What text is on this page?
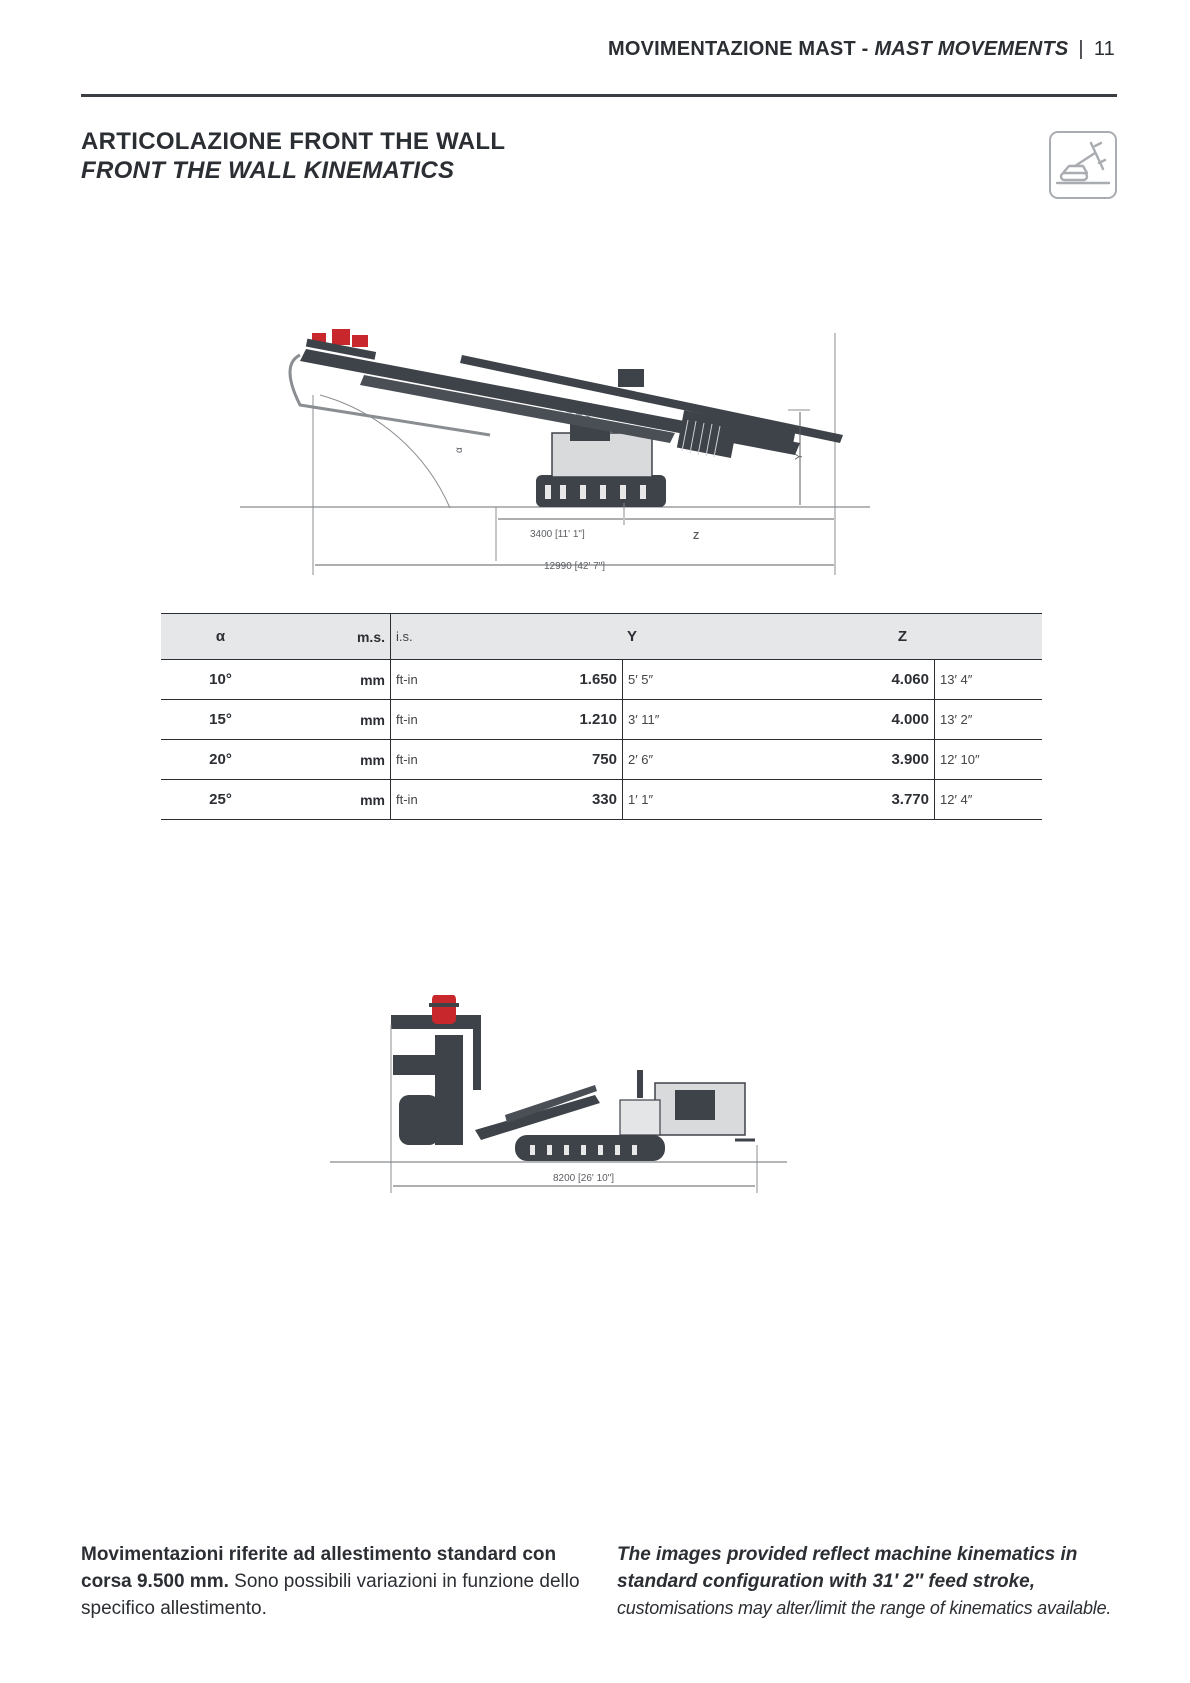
MOVIMENTAZIONE MAST - MAST MOVEMENTS | 11
ARTICOLAZIONE FRONT THE WALL
FRONT THE WALL KINEMATICS
α
Y
3400 [11' 1"]	Z
12990 [42' 7"]
α	m.s.	i.s.	Y		Z	
10°	mm	ft-in	1.650	5′ 5″	4.060	13′ 4″
15°	mm	ft-in	1.210	3′ 11″	4.000	13′ 2″
20°	mm	ft-in	750	2′ 6″	3.900	12′ 10″
25°	mm	ft-in	330	1′ 1″	3.770	12′ 4″
8200 [26' 10"]
Movimentazioni riferite ad allestimento standard con corsa 9.500 mm. Sono possibili variazioni in funzione dello specifico allestimento.
The images provided reflect machine kinematics in standard configuration with 31′ 2″ feed stroke,
customisations may alter/limit the range of kinematics available.
